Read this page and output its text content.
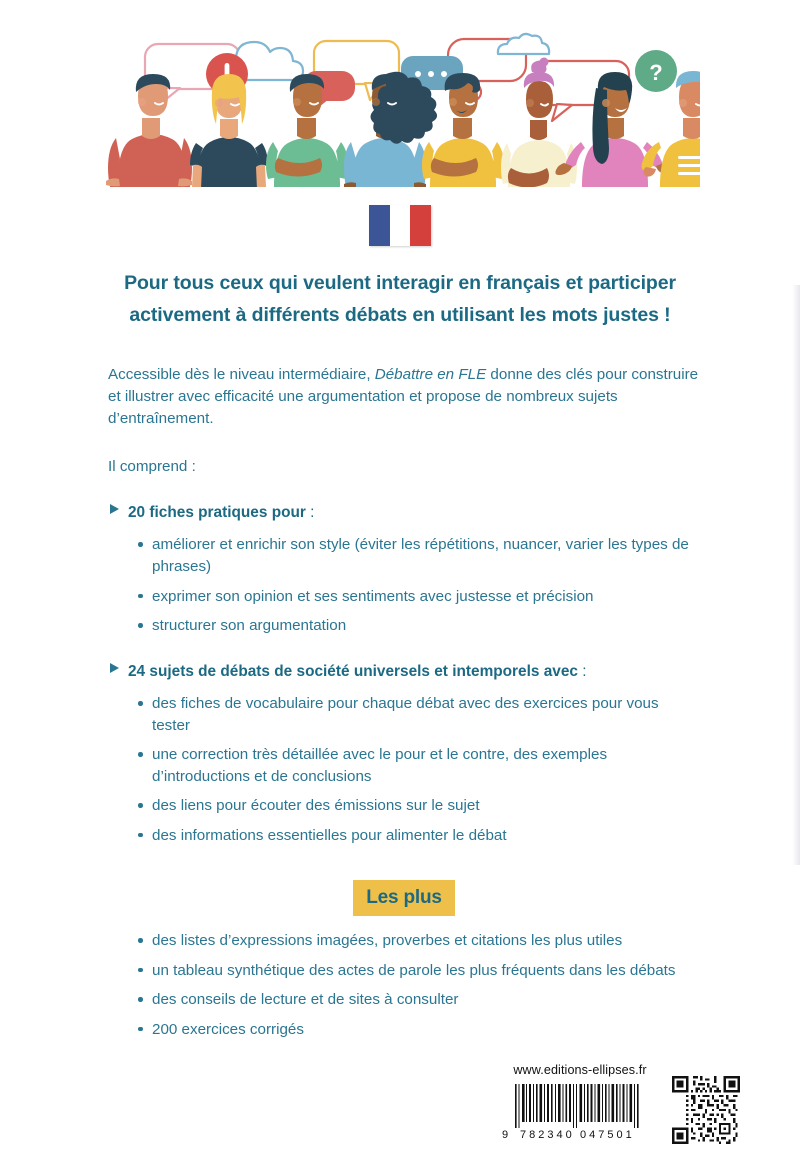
?
Pour tous ceux qui veulent interagir en français et participer
activement à différents débats en utilisant les mots justes !

Accessible dès le niveau intermédiaire, Débattre en FLE donne des clés pour construire et illustrer avec efficacité une argumentation et propose de nombreux sujets d’entraînement.

Il comprend :

20 fiches pratiques pour :
améliorer et enrichir son style (éviter les répétitions, nuancer, varier les types de phrases)
exprimer son opinion et ses sentiments avec justesse et précision
structurer son argumentation
24 sujets de débats de société universels et intemporels avec :
des fiches de vocabulaire pour chaque débat avec des exercices pour vous tester
une correction très détaillée avec le pour et le contre, des exemples d’introductions et de conclusions
des liens pour écouter des émissions sur le sujet
des informations essentielles pour alimenter le débat
Les plus
des listes d’expressions imagées, proverbes et citations les plus utiles
un tableau synthétique des actes de parole les plus fréquents dans les débats
des conseils de lecture et de sites à consulter
200 exercices corrigés
www.editions-ellipses.fr
9 782340 047501
